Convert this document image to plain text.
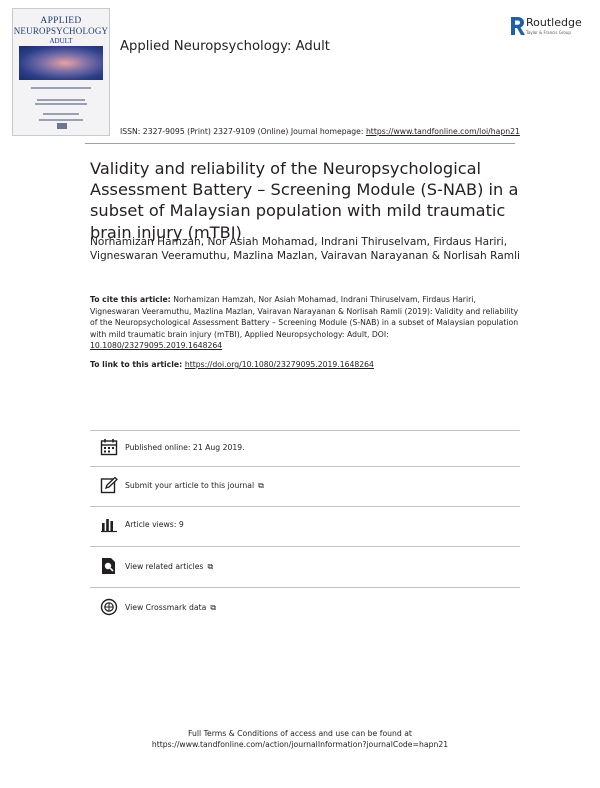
APPLIED
NEUROPSYCHOLOGY
ADULT	Applied Neuropsychology: Adult
Routledge
Taylor & Francis Group
ISSN: 2327-9095 (Print) 2327-9109 (Online) Journal homepage: https://www.tandfonline.com/loi/hapn21
Validity and reliability of the Neuropsychological Assessment Battery – Screening Module (S-NAB) in a subset of Malaysian population with mild traumatic brain injury (mTBI)
Norhamizan Hamzah, Nor Asiah Mohamad, Indrani Thiruselvam, Firdaus Hariri, Vigneswaran Veeramuthu, Mazlina Mazlan, Vairavan Narayanan & Norlisah Ramli
To cite this article: Norhamizan Hamzah, Nor Asiah Mohamad, Indrani Thiruselvam, Firdaus Hariri, Vigneswaran Veeramuthu, Mazlina Mazlan, Vairavan Narayanan & Norlisah Ramli (2019): Validity and reliability of the Neuropsychological Assessment Battery – Screening Module (S-NAB) in a subset of Malaysian population with mild traumatic brain injury (mTBI), Applied Neuropsychology: Adult, DOI: 10.1080/23279095.2019.1648264
To link to this article: https://doi.org/10.1080/23279095.2019.1648264
Published online: 21 Aug 2019.
Submit your article to this journal ⧉
Article views: 9
View related articles ⧉
View Crossmark data ⧉
Full Terms & Conditions of access and use can be found at
https://www.tandfonline.com/action/journalInformation?journalCode=hapn21
